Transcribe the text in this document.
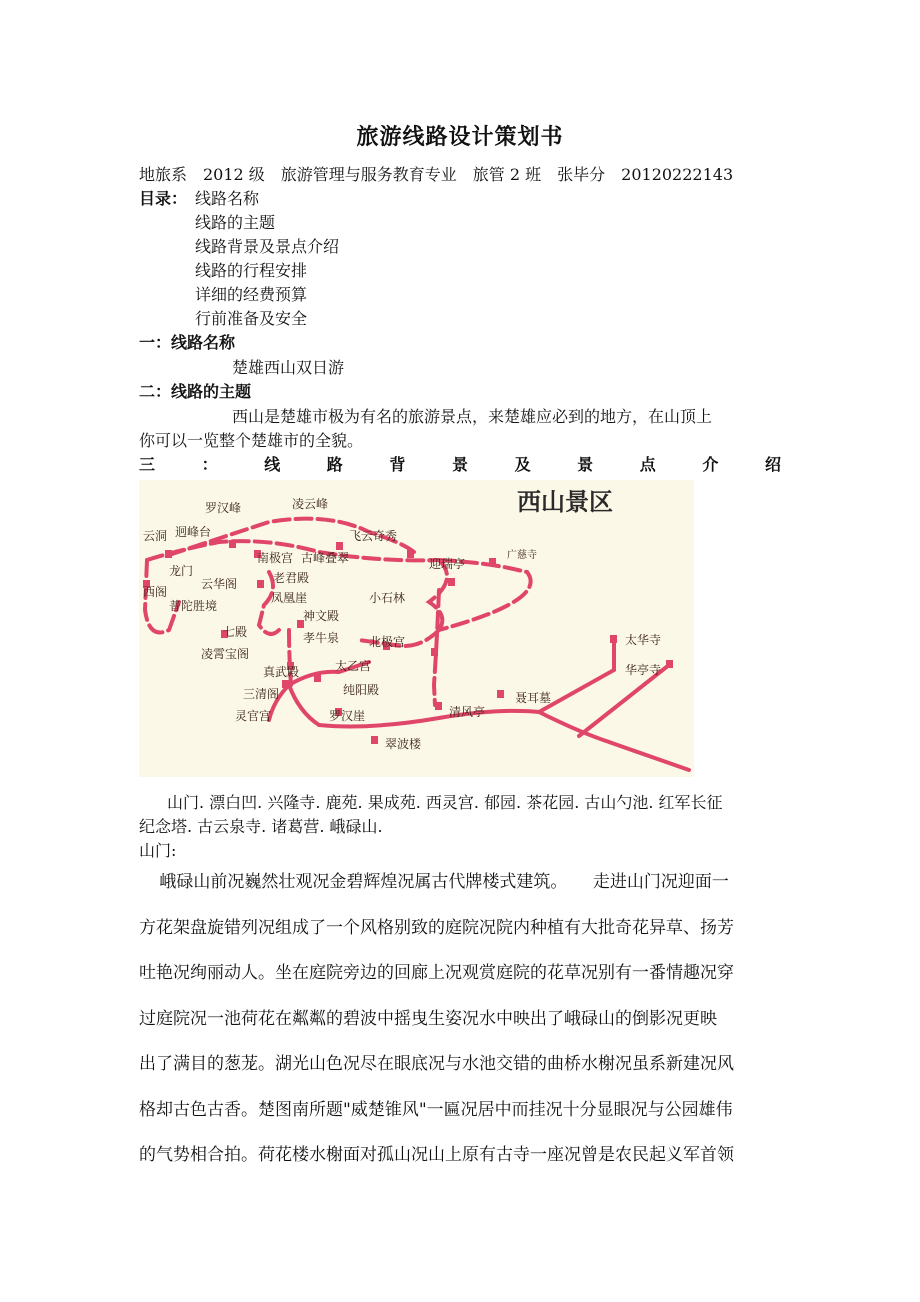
旅游线路设计策划书
地旅系　2012 级　旅游管理与服务教育专业　旅管 2 班　张毕分　20120222143
目录： 线路名称
线路的主题
线路背景及景点介绍
线路的行程安排
详细的经费预算
行前准备及安全
一：线路名称
楚雄西山双日游
二：线路的主题
西山是楚雄市极为有名的旅游景点，来楚雄应必到的地方，在山顶上
你可以一览整个楚雄市的全貌。
三	：	线	路	背	景	及	景	点	介	绍
西山景区
罗汉峰	凌云峰
云洞 迥峰台	飞云奇秀
南极宫 古峰叠翠	迎瑞亭
广慈寺
龙门
云华阁	老君殿
凤凰崖	小石林
神文殿
普陀胜境
七殿	孝牛泉 北极宫
凌霄宝阁
真武殿	太乙宫
三清阁	纯阳殿
灵官宫	罗汉崖	清风亭
翠波楼
聂耳墓
太华寺
华亭寺
西阁
山门. 漂白凹. 兴隆寺. 鹿苑. 果成苑. 西灵宫. 郁园. 茶花园. 古山勺池. 红军长征
纪念塔. 古云泉寺. 诸葛营. 峨碌山.
山门:

峨碌山前况巍然壮观况金碧辉煌况属古代牌楼式建筑。　　走进山门况迎面一

方花架盘旋错列况组成了一个风格别致的庭院况院内种植有大批奇花异草、扬芳

吐艳况绚丽动人。坐在庭院旁边的回廊上况观赏庭院的花草况别有一番情趣况穿

过庭院况一池荷花在粼粼的碧波中摇曳生姿况水中映出了峨碌山的倒影况更映

出了满目的葱茏。湖光山色况尽在眼底况与水池交错的曲桥水榭况虽系新建况风

格却古色古香。楚图南所题"威楚锥风"一匾况居中而挂况十分显眼况与公园雄伟

的气势相合拍。荷花楼水榭面对孤山况山上原有古寺一座况曾是农民起义军首领
